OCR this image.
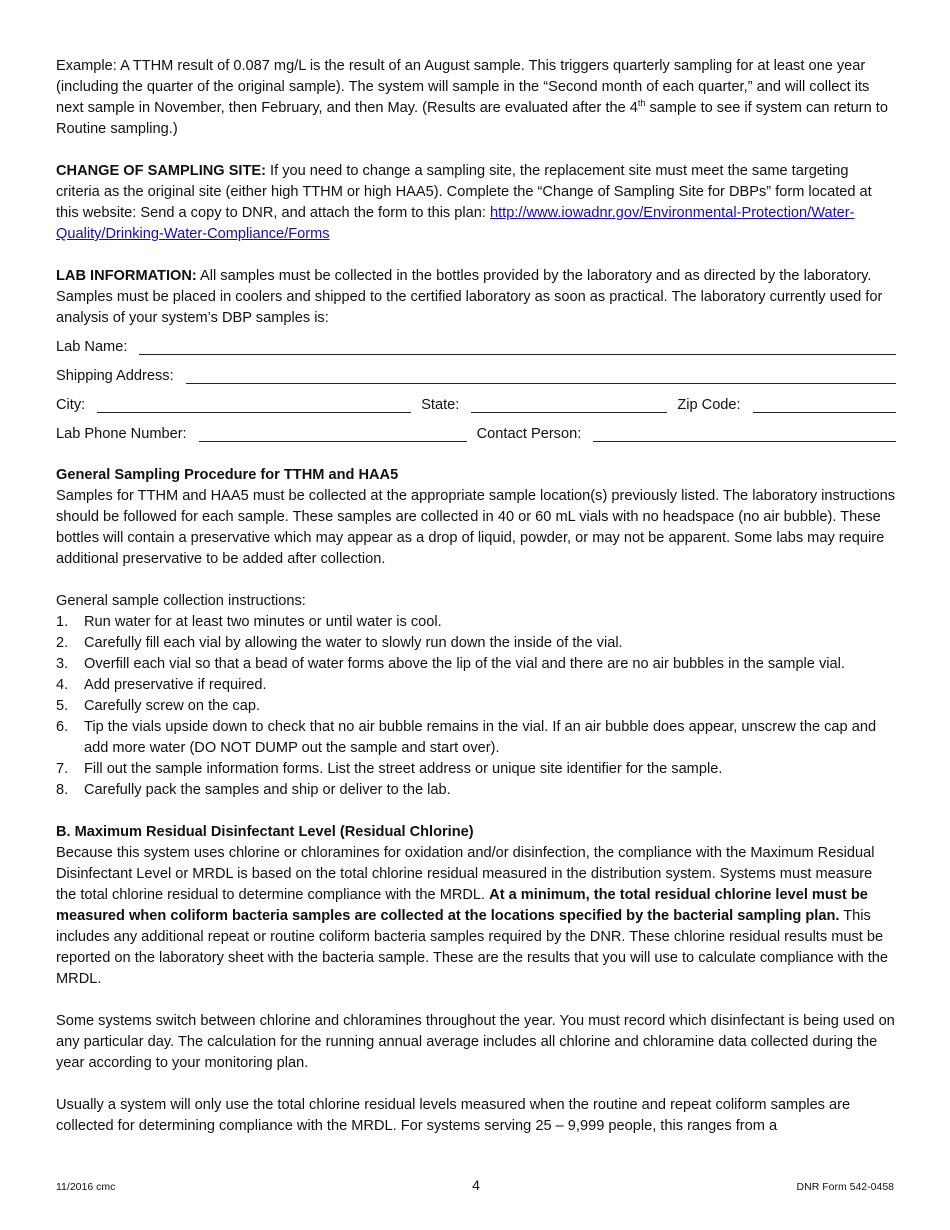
Example: A TTHM result of 0.087 mg/L is the result of an August sample. This triggers quarterly sampling for at least one year (including the quarter of the original sample). The system will sample in the “Second month of each quarter,” and will collect its next sample in November, then February, and then May. (Results are evaluated after the 4th sample to see if system can return to Routine sampling.)

CHANGE OF SAMPLING SITE: If you need to change a sampling site, the replacement site must meet the same targeting criteria as the original site (either high TTHM or high HAA5). Complete the “Change of Sampling Site for DBPs” form located at this website: Send a copy to DNR, and attach the form to this plan: http://www.iowadnr.gov/Environmental-Protection/Water-Quality/Drinking-Water-Compliance/Forms

LAB INFORMATION: All samples must be collected in the bottles provided by the laboratory and as directed by the laboratory. Samples must be placed in coolers and shipped to the certified laboratory as soon as practical. The laboratory currently used for analysis of your system’s DBP samples is:

Lab Name:
Shipping Address:
City:	State:	Zip Code:
Lab Phone Number:	Contact Person:

General Sampling Procedure for TTHM and HAA5

Samples for TTHM and HAA5 must be collected at the appropriate sample location(s) previously listed. The laboratory instructions should be followed for each sample. These samples are collected in 40 or 60 mL vials with no headspace (no air bubble). These bottles will contain a preservative which may appear as a drop of liquid, powder, or may not be apparent. Some labs may require additional preservative to be added after collection.

General sample collection instructions:

1.	Run water for at least two minutes or until water is cool.
2.	Carefully fill each vial by allowing the water to slowly run down the inside of the vial.
3.	Overfill each vial so that a bead of water forms above the lip of the vial and there are no air bubbles in the sample vial.
4.	Add preservative if required.
5.	Carefully screw on the cap.
6.	Tip the vials upside down to check that no air bubble remains in the vial. If an air bubble does appear, unscrew the cap and add more water (DO NOT DUMP out the sample and start over).
7.	Fill out the sample information forms. List the street address or unique site identifier for the sample.
8.	Carefully pack the samples and ship or deliver to the lab.

B. Maximum Residual Disinfectant Level (Residual Chlorine)

Because this system uses chlorine or chloramines for oxidation and/or disinfection, the compliance with the Maximum Residual Disinfectant Level or MRDL is based on the total chlorine residual measured in the distribution system. Systems must measure the total chlorine residual to determine compliance with the MRDL. At a minimum, the total residual chlorine level must be measured when coliform bacteria samples are collected at the locations specified by the bacterial sampling plan. This includes any additional repeat or routine coliform bacteria samples required by the DNR. These chlorine residual results must be reported on the laboratory sheet with the bacteria sample. These are the results that you will use to calculate compliance with the MRDL.

Some systems switch between chlorine and chloramines throughout the year. You must record which disinfectant is being used on any particular day. The calculation for the running annual average includes all chlorine and chloramine data collected during the year according to your monitoring plan.

Usually a system will only use the total chlorine residual levels measured when the routine and repeat coliform samples are collected for determining compliance with the MRDL. For systems serving 25 – 9,999 people, this ranges from a

11/2016 cmc	4	DNR Form 542-0458
